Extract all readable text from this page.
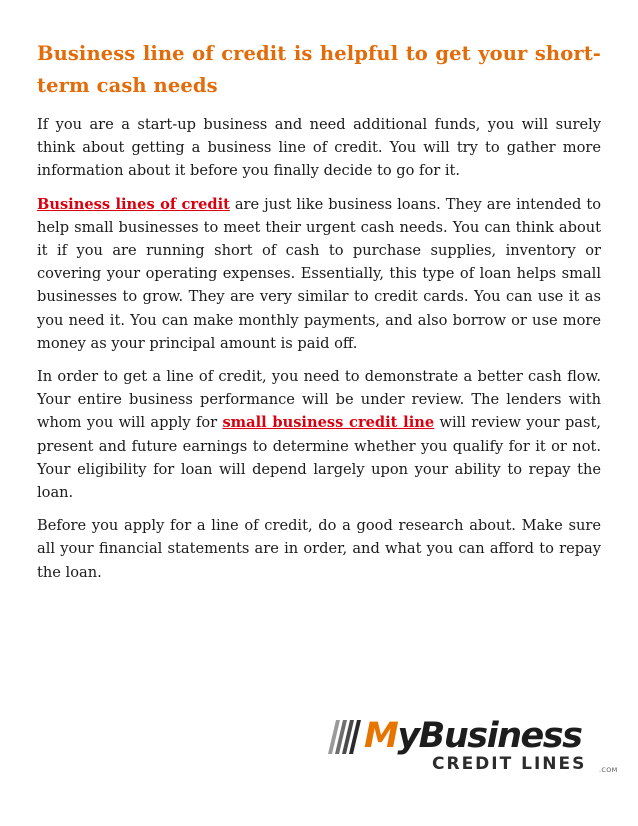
Business line of credit is helpful to get your short-term cash needs

If you are a start-up business and need additional funds, you will surely think about getting a business line of credit. You will try to gather more information about it before you finally decide to go for it.

Business lines of credit are just like business loans. They are intended to help small businesses to meet their urgent cash needs. You can think about it if you are running short of cash to purchase supplies, inventory or covering your operating expenses. Essentially, this type of loan helps small businesses to grow. They are very similar to credit cards. You can use it as you need it. You can make monthly payments, and also borrow or use more money as your principal amount is paid off.

In order to get a line of credit, you need to demonstrate a better cash flow. Your entire business performance will be under review. The lenders with whom you will apply for small business credit line will review your past, present and future earnings to determine whether you qualify for it or not. Your eligibility for loan will depend largely upon your ability to repay the loan.

Before you apply for a line of credit, do a good research about. Make sure all your financial statements are in order, and what you can afford to repay the loan.

MyBusiness
CREDIT LINES .COM
